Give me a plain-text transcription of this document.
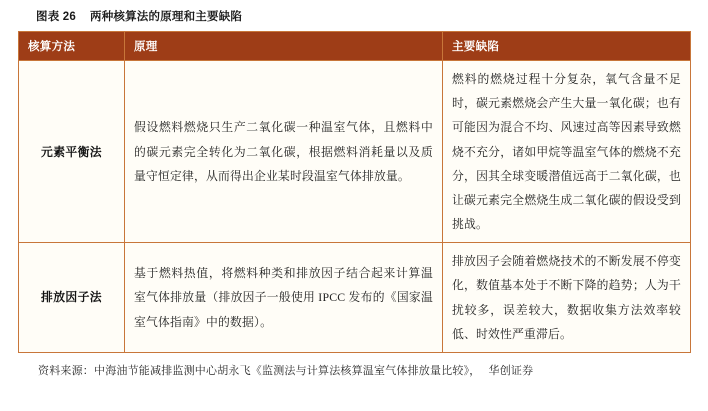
图表 26 两种核算法的原理和主要缺陷
核算方法	原理	主要缺陷
元素平衡法	假设燃料燃烧只生产二氧化碳一种温室气体，且燃料中的碳元素完全转化为二氧化碳，根据燃料消耗量以及质量守恒定律，从而得出企业某时段温室气体排放量。	燃料的燃烧过程十分复杂，氧气含量不足时，碳元素燃烧会产生大量一氧化碳；也有可能因为混合不均、风速过高等因素导致燃烧不充分，诸如甲烷等温室气体的燃烧不充分，因其全球变暖潜值远高于二氧化碳，也让碳元素完全燃烧生成二氧化碳的假设受到挑战。
排放因子法	基于燃料热值，将燃料种类和排放因子结合起来计算温室气体排放量（排放因子一般使用 IPCC 发布的《国家温室气体指南》中的数据）。	排放因子会随着燃烧技术的不断发展不停变化，数值基本处于不断下降的趋势；人为干扰较多，误差较大，数据收集方法效率较低、时效性严重滞后。
资料来源：中海油节能减排监测中心胡永飞《监测法与计算法核算温室气体排放量比较》， 华创证券
